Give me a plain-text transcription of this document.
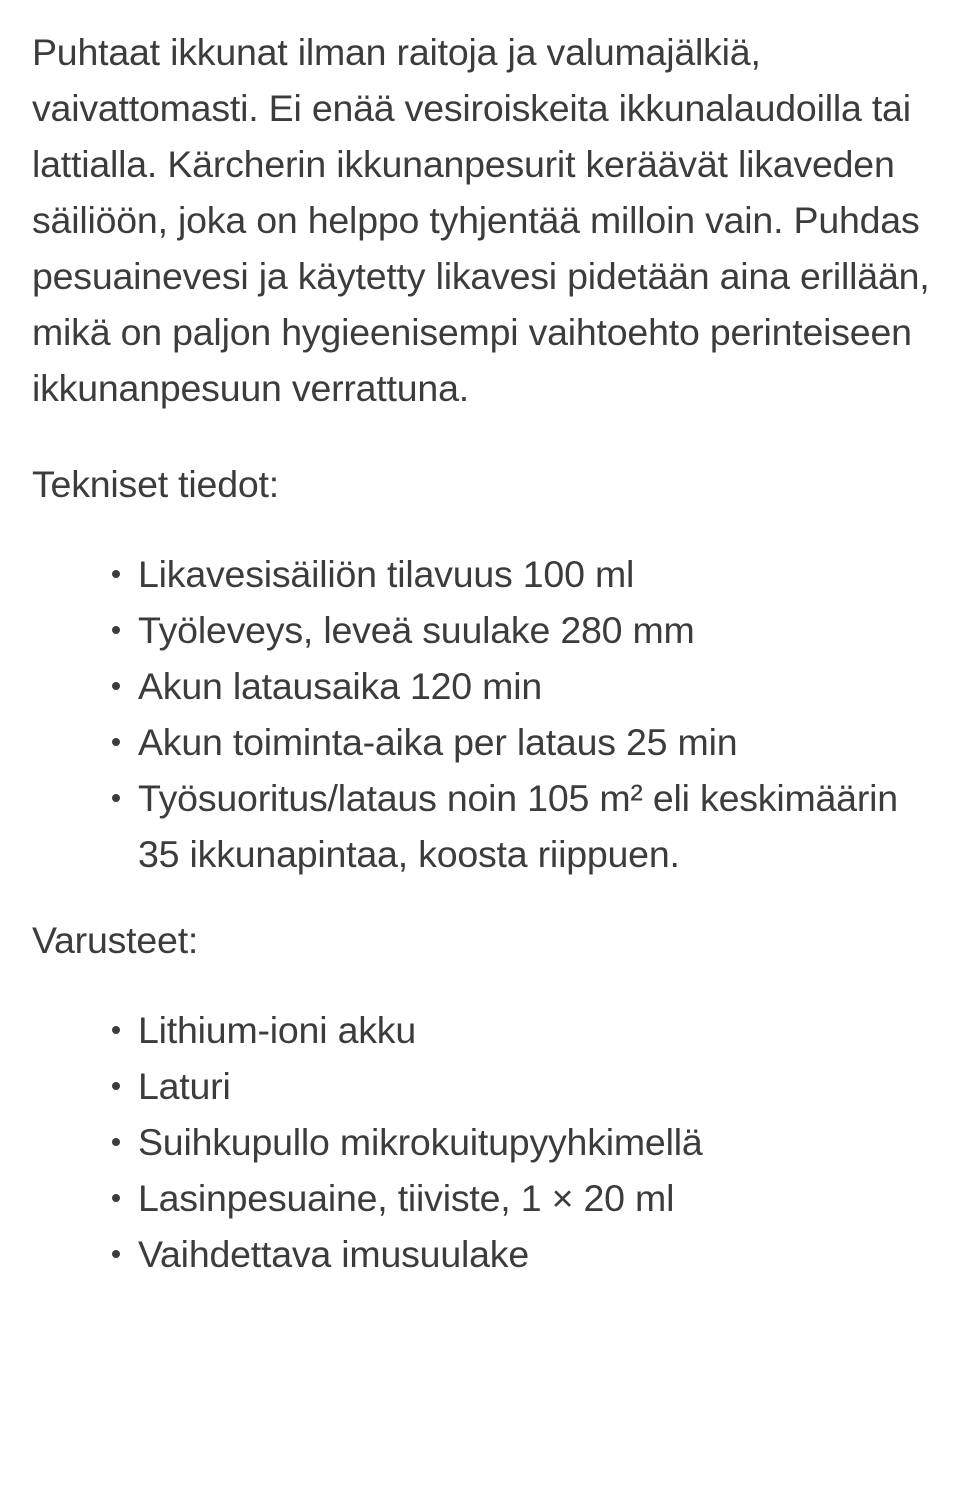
Puhtaat ikkunat ilman raitoja ja valumajälkiä, vaivattomasti. Ei enää vesiroiskeita ikkunalaudoilla tai lattialla. Kärcherin ikkunanpesurit keräävät likaveden säiliöön, joka on helppo tyhjentää milloin vain. Puhdas pesuainevesi ja käytetty likavesi pidetään aina erillään, mikä on paljon hygieenisempi vaihtoehto perinteiseen ikkunanpesuun verrattuna.

Tekniset tiedot:

Likavesisäiliön tilavuus 100 ml
Työleveys, leveä suulake 280 mm
Akun latausaika 120 min
Akun toiminta-aika per lataus 25 min
Työsuoritus/lataus noin 105 m² eli keskimäärin 35 ikkunapintaa, koosta riippuen.

Varusteet:

Lithium-ioni akku
Laturi
Suihkupullo mikrokuitupyyhkimellä
Lasinpesuaine, tiiviste, 1 × 20 ml
Vaihdettava imusuulake
